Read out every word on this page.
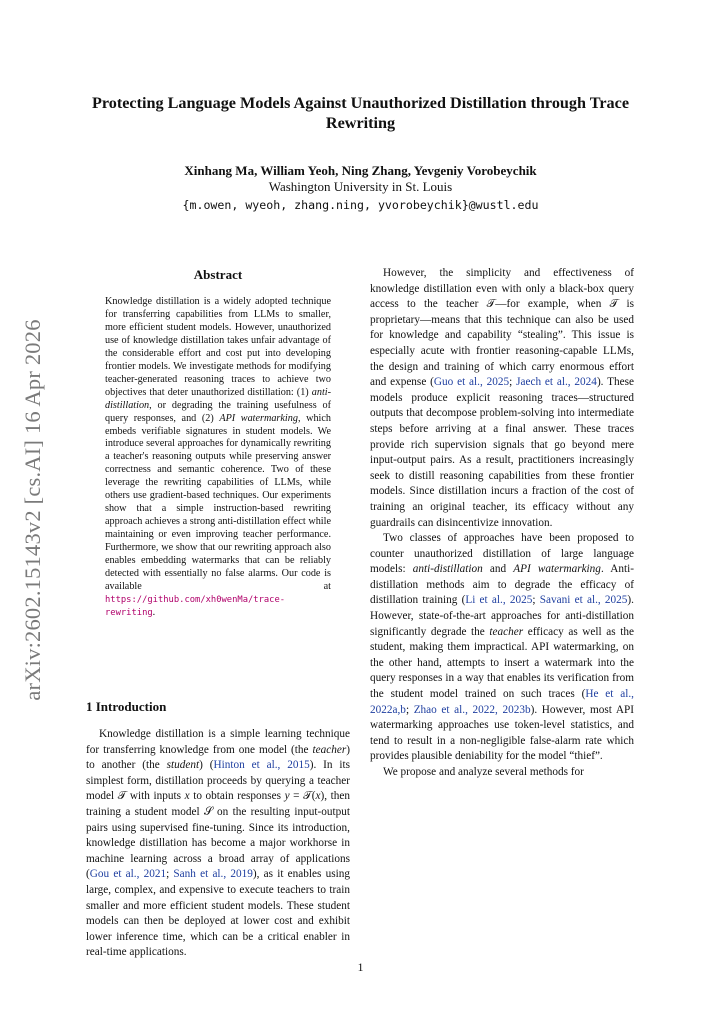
Protecting Language Models Against Unauthorized Distillation through Trace Rewriting
Xinhang Ma, William Yeoh, Ning Zhang, Yevgeniy Vorobeychik
Washington University in St. Louis
{m.owen, wyeoh, zhang.ning, yvorobeychik}@wustl.edu
arXiv:2602.15143v2 [cs.AI] 16 Apr 2026
Abstract
Knowledge distillation is a widely adopted technique for transferring capabilities from LLMs to smaller, more efficient student models. However, unauthorized use of knowledge distillation takes unfair advantage of the considerable effort and cost put into developing frontier models. We investigate methods for modifying teacher-generated reasoning traces to achieve two objectives that deter unauthorized distillation: (1) anti-distillation, or degrading the training usefulness of query responses, and (2) API watermarking, which embeds verifiable signatures in student models. We introduce several approaches for dynamically rewriting a teacher's reasoning outputs while preserving answer correctness and semantic coherence. Two of these leverage the rewriting capabilities of LLMs, while others use gradient-based techniques. Our experiments show that a simple instruction-based rewriting approach achieves a strong anti-distillation effect while maintaining or even improving teacher performance. Furthermore, we show that our rewriting approach also enables embedding watermarks that can be reliably detected with essentially no false alarms. Our code is available at https://github.com/xh0wenMa/trace-rewriting.
1 Introduction

Knowledge distillation is a simple learning technique for transferring knowledge from one model (the teacher) to another (the student) (Hinton et al., 2015). In its simplest form, distillation proceeds by querying a teacher model 𝒯 with inputs x to obtain responses y = 𝒯(x), then training a student model 𝒮 on the resulting input-output pairs using supervised fine-tuning. Since its introduction, knowledge distillation has become a major workhorse in machine learning across a broad array of applications (Gou et al., 2021; Sanh et al., 2019), as it enables using large, complex, and expensive to execute teachers to train smaller and more efficient student models. These student models can then be deployed at lower cost and exhibit lower inference time, which can be a critical enabler in real-time applications.

However, the simplicity and effectiveness of knowledge distillation even with only a black-box query access to the teacher 𝒯—for example, when 𝒯 is proprietary—means that this technique can also be used for knowledge and capability “stealing”. This issue is especially acute with frontier reasoning-capable LLMs, the design and training of which carry enormous effort and expense (Guo et al., 2025; Jaech et al., 2024). These models produce explicit reasoning traces—structured outputs that decompose problem-solving into intermediate steps before arriving at a final answer. These traces provide rich supervision signals that go beyond mere input-output pairs. As a result, practitioners increasingly seek to distill reasoning capabilities from these frontier models. Since distillation incurs a fraction of the cost of training an original teacher, its efficacy without any guardrails can disincentivize innovation.

Two classes of approaches have been proposed to counter unauthorized distillation of large language models: anti-distillation and API watermarking. Anti-distillation methods aim to degrade the efficacy of distillation training (Li et al., 2025; Savani et al., 2025). However, state-of-the-art approaches for anti-distillation significantly degrade the teacher efficacy as well as the student, making them impractical. API watermarking, on the other hand, attempts to insert a watermark into the query responses in a way that enables its verification from the student model trained on such traces (He et al., 2022a,b; Zhao et al., 2022, 2023b). However, most API watermarking approaches use token-level statistics, and tend to result in a non-negligible false-alarm rate which provides plausible deniability for the model “thief”.

We propose and analyze several methods for

1
